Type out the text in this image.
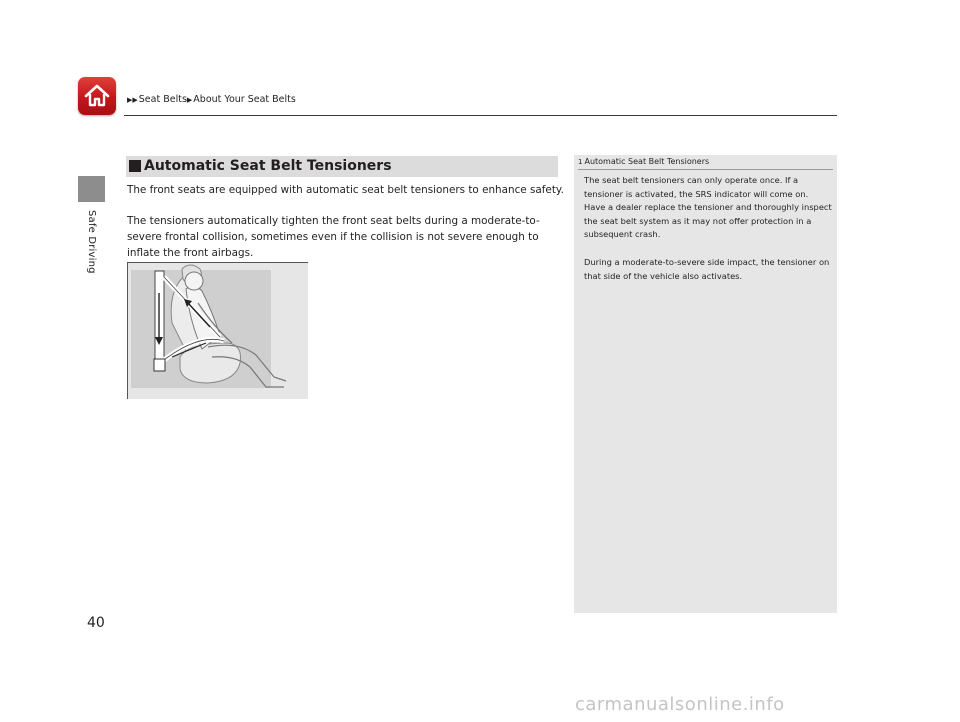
▶▶Seat Belts▶About Your Seat Belts
Safe Driving
Automatic Seat Belt Tensioners
The front seats are equipped with automatic seat belt tensioners to enhance safety.
The tensioners automatically tighten the front seat belts during a moderate-to-severe frontal collision, sometimes even if the collision is not severe enough to inflate the front airbags.
1 Automatic Seat Belt Tensioners
The seat belt tensioners can only operate once. If a tensioner is activated, the SRS indicator will come on. Have a dealer replace the tensioner and thoroughly inspect the seat belt system as it may not offer protection in a subsequent crash.
During a moderate-to-severe side impact, the tensioner on that side of the vehicle also activates.
40
carmanualsonline.info
